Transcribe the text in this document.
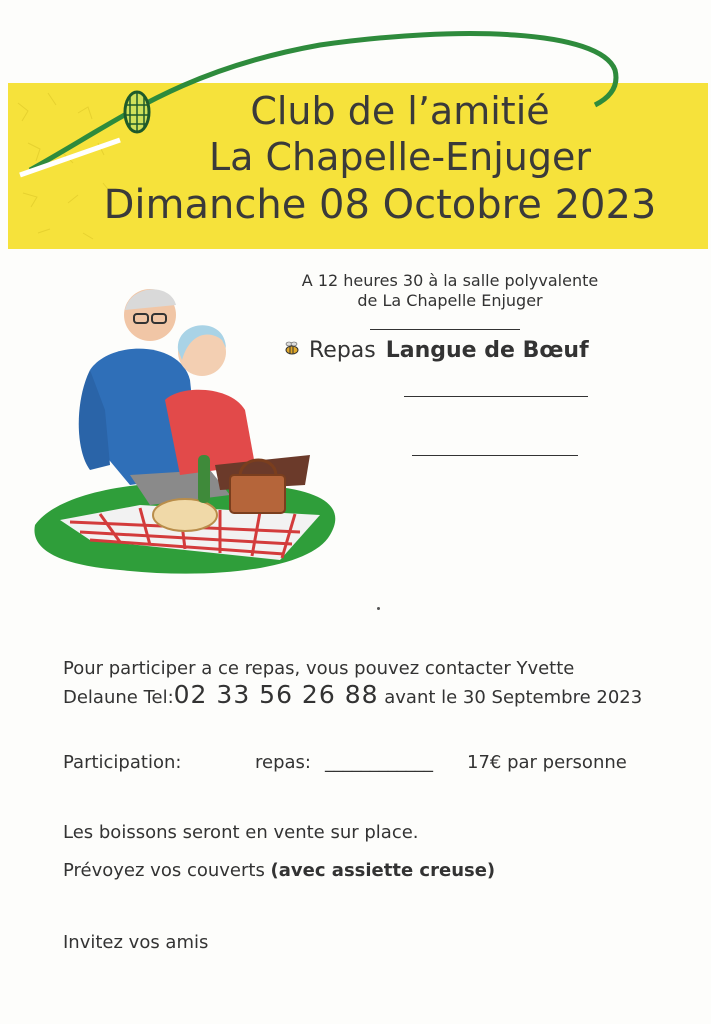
Club de l’amitié
La Chapelle-Enjuger
Dimanche 08 Octobre 2023
A 12 heures 30 à la salle polyvalente
de La Chapelle Enjuger
Repas Langue de Bœuf
Pour participer a ce repas, vous pouvez contacter Yvette Delaune Tel:02 33 56 26 88 avant le 30 Septembre 2023
Participation:	repas: ____________ 17€ par personne
Les boissons seront en vente sur place.
Prévoyez vos couverts (avec assiette creuse)
Invitez vos amis
